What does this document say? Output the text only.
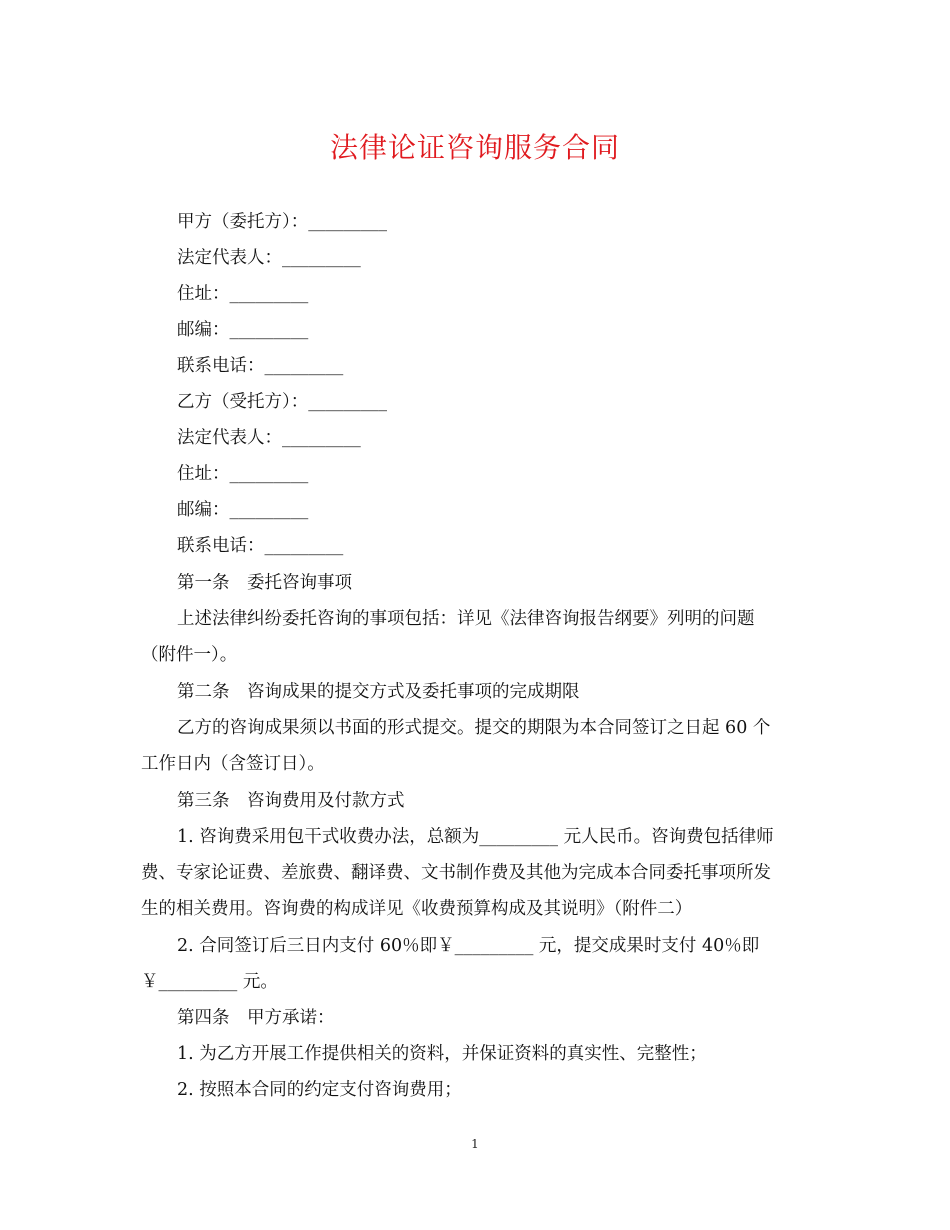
法律论证咨询服务合同
甲方（委托方）：_________
法定代表人：_________
住址：_________
邮编：_________
联系电话：_________
乙方（受托方）：_________
法定代表人：_________
住址：_________
邮编：_________
联系电话：_________
第一条　委托咨询事项
上述法律纠纷委托咨询的事项包括：详见《法律咨询报告纲要》列明的问题
（附件一）。
第二条　咨询成果的提交方式及委托事项的完成期限
乙方的咨询成果须以书面的形式提交。提交的期限为本合同签订之日起 60 个
工作日内（含签订日）。
第三条　咨询费用及付款方式
1. 咨询费采用包干式收费办法，总额为_________ 元人民币。咨询费包括律师
费、专家论证费、差旅费、翻译费、文书制作费及其他为完成本合同委托事项所发
生的相关费用。咨询费的构成详见《收费预算构成及其说明》（附件二）
2. 合同签订后三日内支付 60％即￥_________ 元，提交成果时支付 40％即
￥_________ 元。
第四条　甲方承诺：
1. 为乙方开展工作提供相关的资料，并保证资料的真实性、完整性；
2. 按照本合同的约定支付咨询费用；
1
